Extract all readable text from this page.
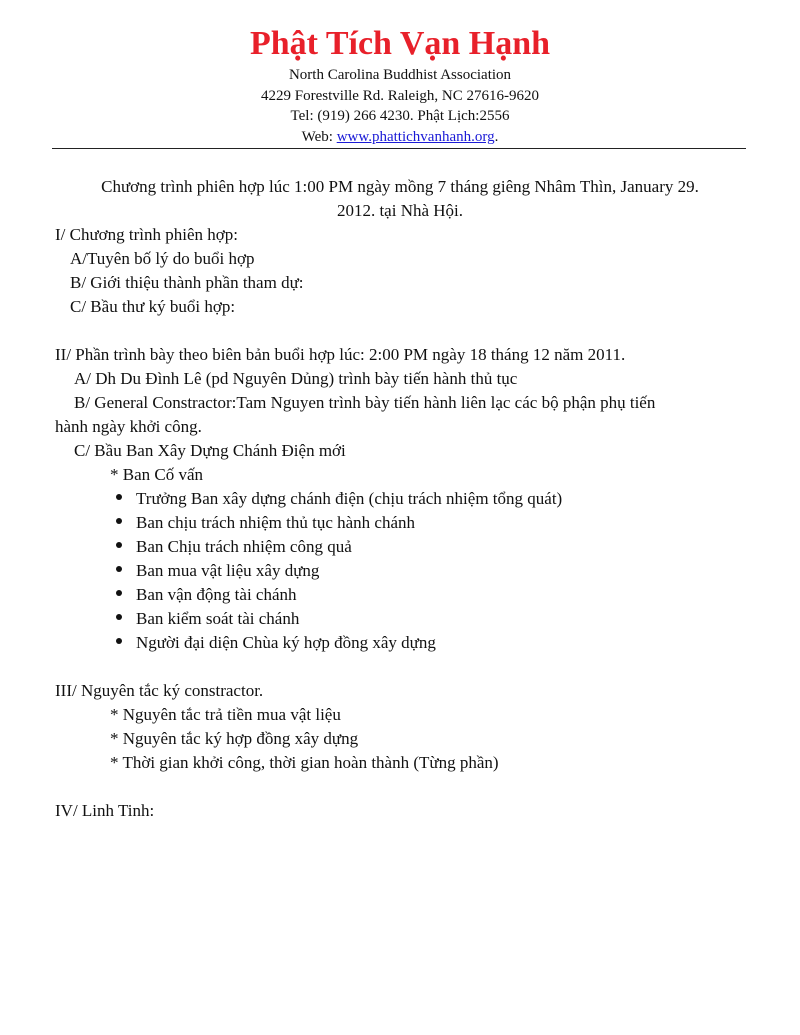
Phật Tích Vạn Hạnh
North Carolina Buddhist Association
4229 Forestville Rd. Raleigh, NC 27616-9620
Tel: (919) 266 4230. Phật Lịch:2556
Web: www.phattichvanhanh.org.
Chương trình phiên hợp lúc 1:00 PM ngày mồng 7 tháng giêng Nhâm Thìn, January 29.
2012. tại Nhà Hội.
I/ Chương trình phiên hợp:
A/Tuyên bố lý do buổi hợp
B/ Giới thiệu thành phần tham dự:
C/ Bầu thư ký buổi hợp:
II/ Phần trình bày theo biên bản buổi hợp lúc: 2:00 PM ngày 18 tháng 12 năm 2011.
A/ Dh Du Đình Lê (pd Nguyên Dủng) trình bày tiến hành thủ tục
B/ General Constractor:Tam Nguyen trình bày tiến hành liên lạc các bộ phận phụ tiến
hành ngày khởi công.
C/ Bầu Ban Xây Dựng Chánh Điện mới
* Ban Cố vấn
Trưởng Ban xây dựng chánh điện (chịu trách nhiệm tổng quát)
Ban chịu trách nhiệm thủ tục hành chánh
Ban Chịu trách nhiệm công quả
Ban mua vật liệu xây dựng
Ban vận động tài chánh
Ban kiểm soát tài chánh
Người đại diện Chùa ký hợp đồng xây dựng
III/ Nguyên tắc ký constractor.
* Nguyên tắc trả tiền mua vật liệu
* Nguyên tắc ký hợp đồng xây dựng
* Thời gian khởi công, thời gian hoàn thành (Từng phần)
IV/ Linh Tinh:
